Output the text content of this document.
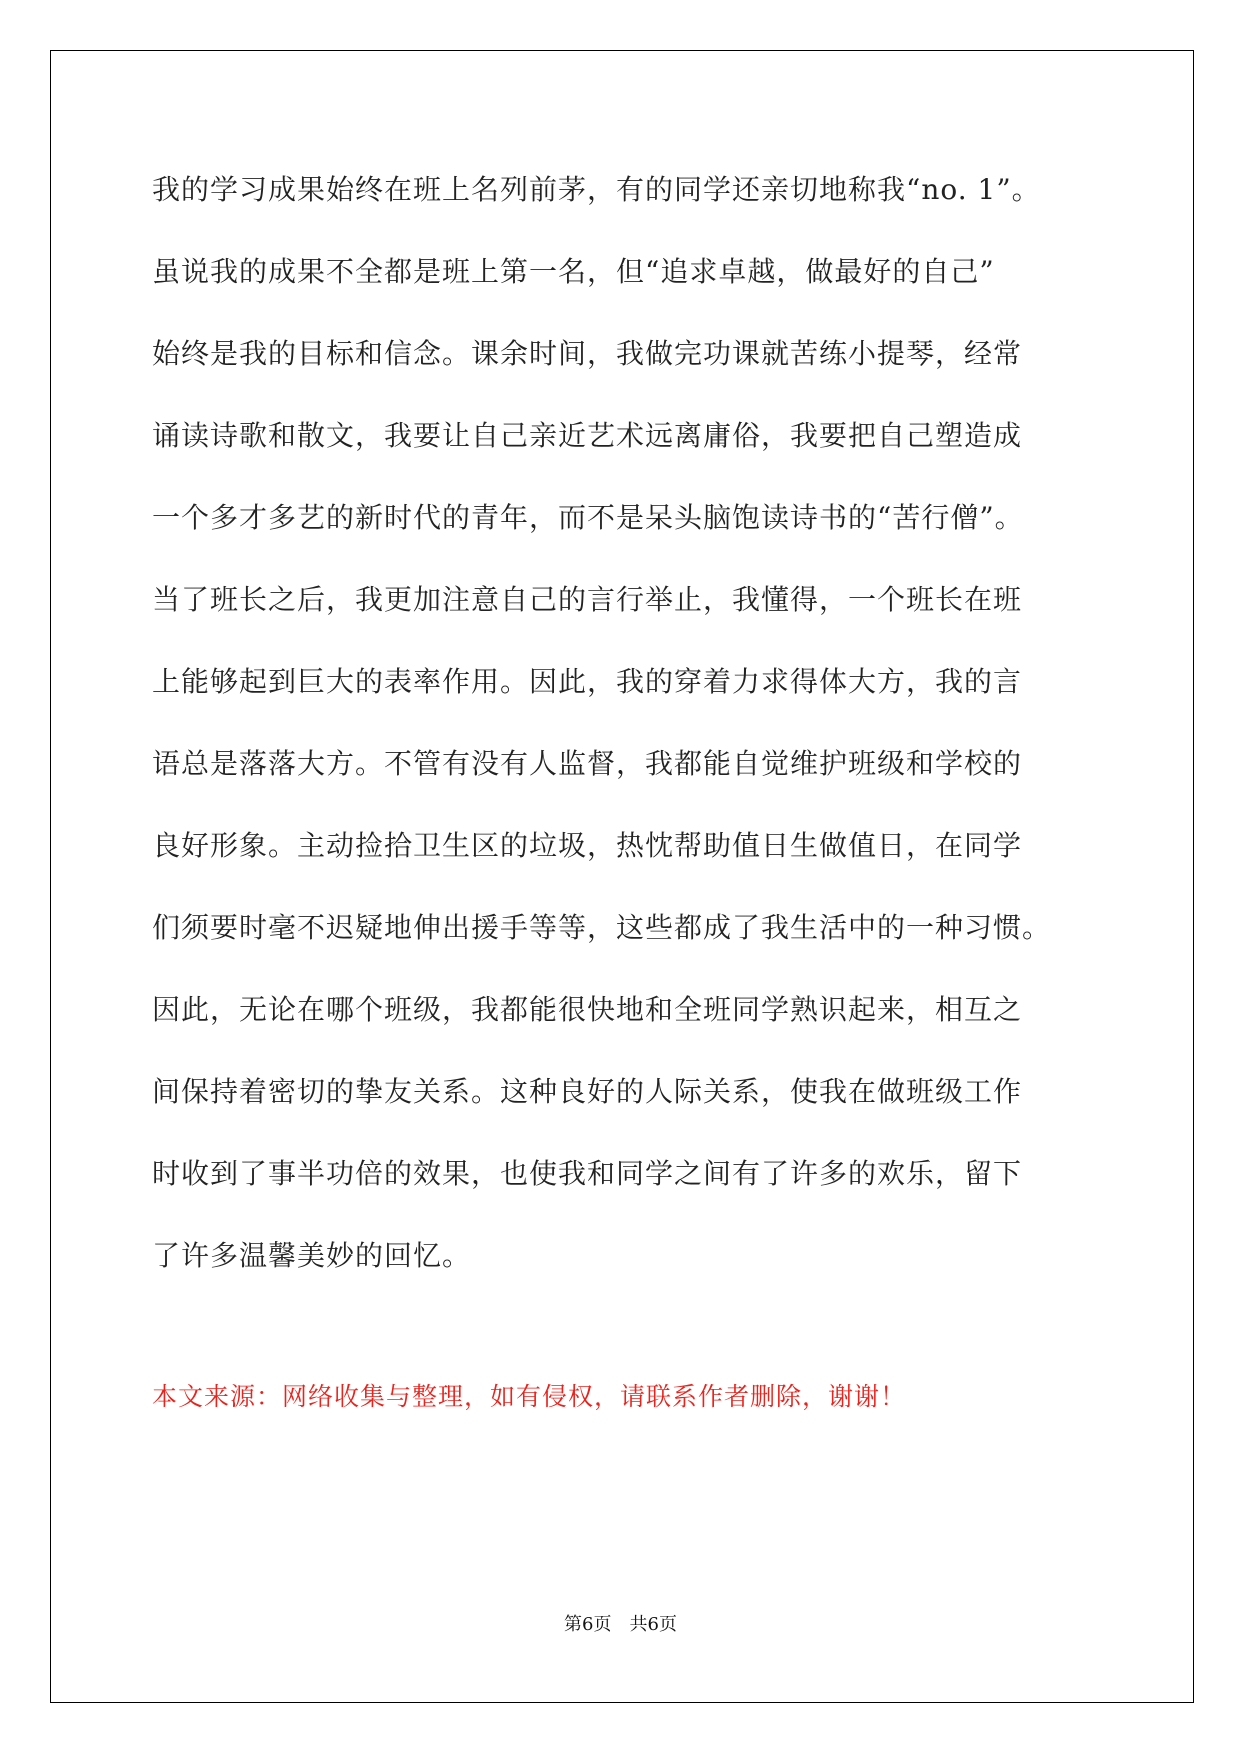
我的学习成果始终在班上名列前茅，有的同学还亲切地称我“no. 1”。
虽说我的成果不全都是班上第一名，但“追求卓越，做最好的自己”
始终是我的目标和信念。课余时间，我做完功课就苦练小提琴，经常
诵读诗歌和散文，我要让自己亲近艺术远离庸俗，我要把自己塑造成
一个多才多艺的新时代的青年，而不是呆头脑饱读诗书的“苦行僧”。
当了班长之后，我更加注意自己的言行举止，我懂得，一个班长在班
上能够起到巨大的表率作用。因此，我的穿着力求得体大方，我的言
语总是落落大方。不管有没有人监督，我都能自觉维护班级和学校的
良好形象。主动捡拾卫生区的垃圾，热忱帮助值日生做值日，在同学
们须要时毫不迟疑地伸出援手等等，这些都成了我生活中的一种习惯。
因此，无论在哪个班级，我都能很快地和全班同学熟识起来，相互之
间保持着密切的挚友关系。这种良好的人际关系，使我在做班级工作
时收到了事半功倍的效果，也使我和同学之间有了许多的欢乐，留下
了许多温馨美妙的回忆。
本文来源：网络收集与整理，如有侵权，请联系作者删除，谢谢！
第6页　共6页
